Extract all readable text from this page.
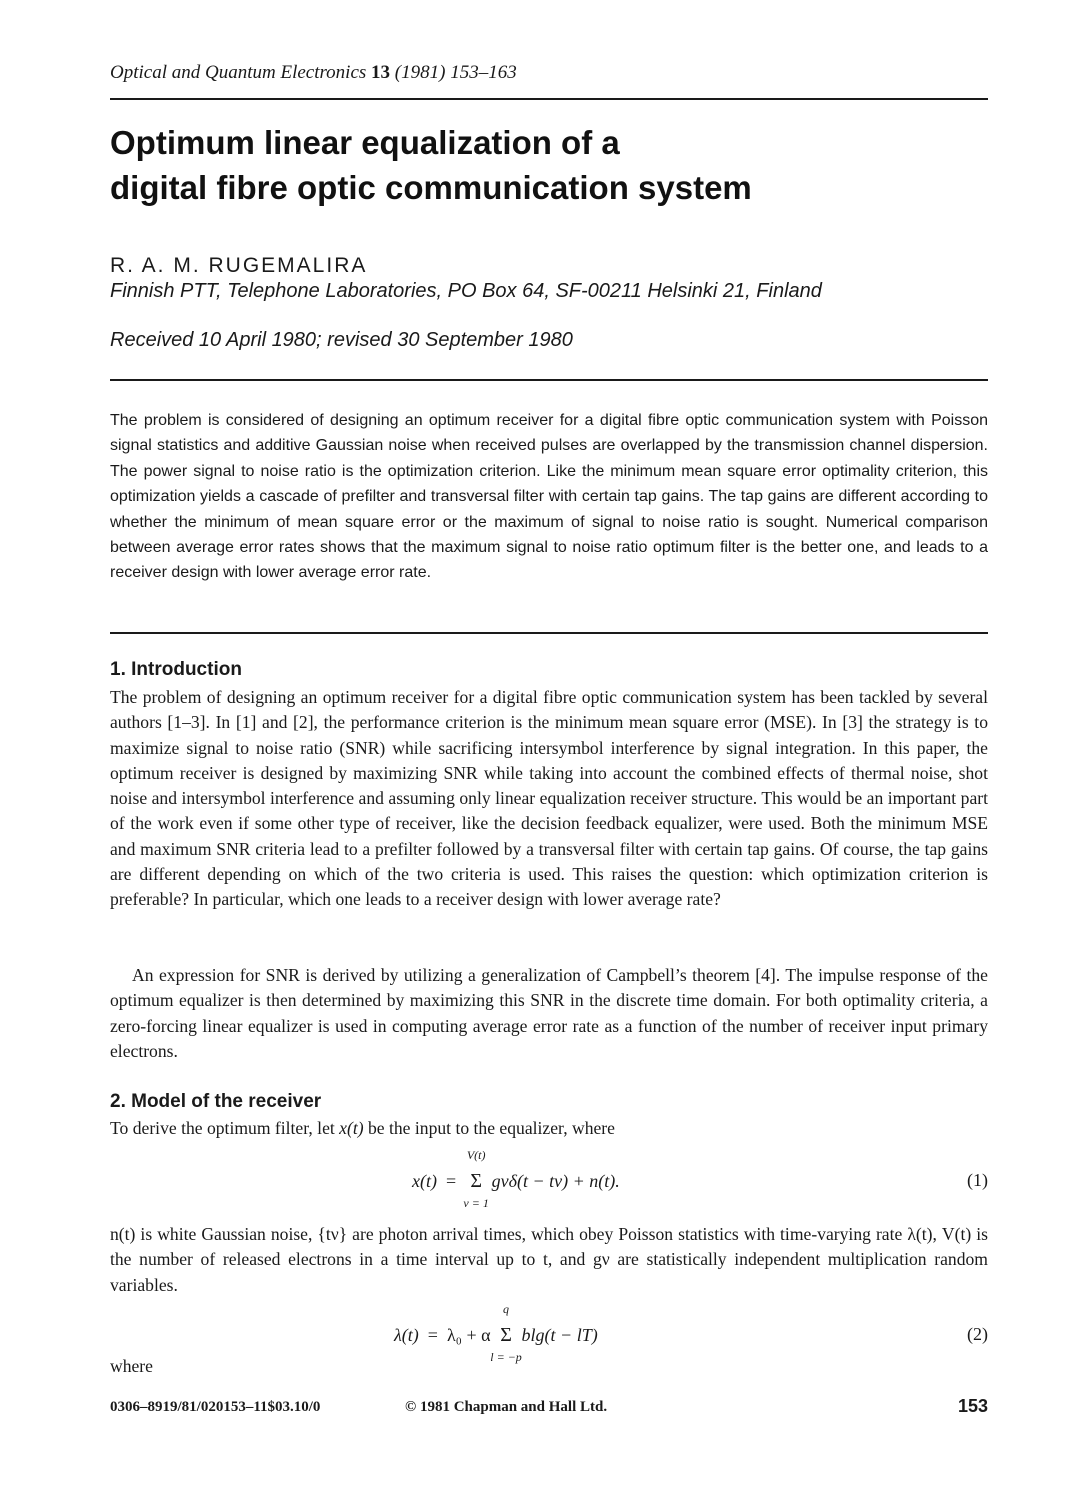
Optical and Quantum Electronics 13 (1981) 153–163
Optimum linear equalization of a
digital fibre optic communication system
R. A. M. RUGEMALIRA
Finnish PTT, Telephone Laboratories, PO Box 64, SF-00211 Helsinki 21, Finland
Received 10 April 1980; revised 30 September 1980

The problem is considered of designing an optimum receiver for a digital fibre optic communication system with Poisson signal statistics and additive Gaussian noise when received pulses are overlapped by the transmission channel dispersion. The power signal to noise ratio is the optimization criterion. Like the minimum mean square error optimality criterion, this optimization yields a cascade of prefilter and transversal filter with certain tap gains. The tap gains are different according to whether the minimum of mean square error or the maximum of signal to noise ratio is sought. Numerical comparison between average error rates shows that the maximum signal to noise ratio optimum filter is the better one, and leads to a receiver design with lower average error rate.

1. Introduction

The problem of designing an optimum receiver for a digital fibre optic communication system has been tackled by several authors [1–3]. In [1] and [2], the performance criterion is the minimum mean square error (MSE). In [3] the strategy is to maximize signal to noise ratio (SNR) while sacrificing intersymbol interference by signal integration. In this paper, the optimum receiver is designed by maximizing SNR while taking into account the combined effects of thermal noise, shot noise and intersymbol interference and assuming only linear equalization receiver structure. This would be an important part of the work even if some other type of receiver, like the decision feedback equalizer, were used. Both the minimum MSE and maximum SNR criteria lead to a prefilter followed by a transversal filter with certain tap gains. Of course, the tap gains are different depending on which of the two criteria is used. This raises the question: which optimization criterion is preferable? In particular, which one leads to a receiver design with lower average rate?

An expression for SNR is derived by utilizing a generalization of Campbell’s theorem [4]. The impulse response of the optimum equalizer is then determined by maximizing this SNR in the discrete time domain. For both optimality criteria, a zero-forcing linear equalizer is used in computing average error rate as a function of the number of receiver input primary electrons.

2. Model of the receiver

To derive the optimum filter, let x(t) be the input to the equalizer, where

x(t) = Σ
V(t)
ν = 1
gνδ(t − tν) + n(t).	(1)

n(t) is white Gaussian noise, {tν} are photon arrival times, which obey Poisson statistics with time-varying rate λ(t), V(t) is the number of released electrons in a time interval up to t, and gν are statistically independent multiplication random variables.

λ(t) = λ₀ + α Σ
q
l = −p
blg(t − lT)	(2)
where
0306–8919/81/020153–11$03.10/0	© 1981 Chapman and Hall Ltd.	153
